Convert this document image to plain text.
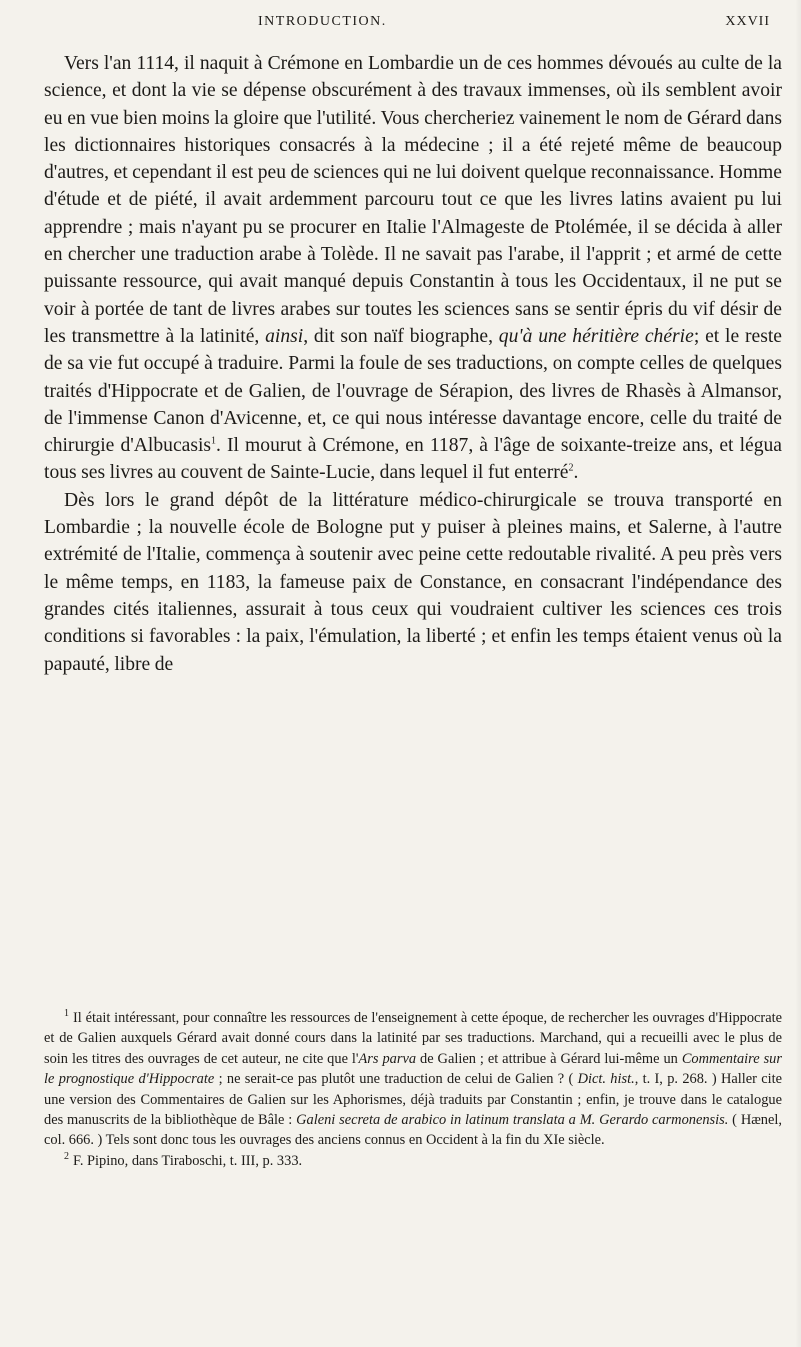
INTRODUCTION.	XXVII

Vers l'an 1114, il naquit à Crémone en Lombardie un de ces hommes dévoués au culte de la science, et dont la vie se dépense obscurément à des travaux immenses, où ils semblent avoir eu en vue bien moins la gloire que l'utilité. Vous chercheriez vainement le nom de Gérard dans les dictionnaires historiques consacrés à la médecine ; il a été rejeté même de beaucoup d'autres, et cependant il est peu de sciences qui ne lui doivent quelque reconnaissance. Homme d'étude et de piété, il avait ardemment parcouru tout ce que les livres latins avaient pu lui apprendre ; mais n'ayant pu se procurer en Italie l'Almageste de Ptolémée, il se décida à aller en chercher une traduction arabe à Tolède. Il ne savait pas l'arabe, il l'apprit ; et armé de cette puissante ressource, qui avait manqué depuis Constantin à tous les Occidentaux, il ne put se voir à portée de tant de livres arabes sur toutes les sciences sans se sentir épris du vif désir de les transmettre à la latinité, ainsi, dit son naïf biographe, qu'à une héritière chérie; et le reste de sa vie fut occupé à traduire. Parmi la foule de ses traductions, on compte celles de quelques traités d'Hippocrate et de Galien, de l'ouvrage de Sérapion, des livres de Rhasès à Almansor, de l'immense Canon d'Avicenne, et, ce qui nous intéresse davantage encore, celle du traité de chirurgie d'Albucasis$^1$. Il mourut à Crémone, en 1187, à l'âge de soixante-treize ans, et légua tous ses livres au couvent de Sainte-Lucie, dans lequel il fut enterré$^2$.

Dès lors le grand dépôt de la littérature médico-chirurgicale se trouva transporté en Lombardie ; la nouvelle école de Bologne put y puiser à pleines mains, et Salerne, à l'autre extrémité de l'Italie, commença à soutenir avec peine cette redoutable rivalité. A peu près vers le même temps, en 1183, la fameuse paix de Constance, en consacrant l'indépendance des grandes cités italiennes, assurait à tous ceux qui voudraient cultiver les sciences ces trois conditions si favorables : la paix, l'émulation, la liberté ; et enfin les temps étaient venus où la papauté, libre de

$^1$ Il était intéressant, pour connaître les ressources de l'enseignement à cette époque, de rechercher les ouvrages d'Hippocrate et de Galien auxquels Gérard avait donné cours dans la latinité par ses traductions. Marchand, qui a recueilli avec le plus de soin les titres des ouvrages de cet auteur, ne cite que l'Ars parva de Galien ; et attribue à Gérard lui-même un Commentaire sur le prognostique d'Hippocrate ; ne serait-ce pas plutôt une traduction de celui de Galien ? ( Dict. hist., t. I, p. 268. ) Haller cite une version des Commentaires de Galien sur les Aphorismes, déjà traduits par Constantin ; enfin, je trouve dans le catalogue des manuscrits de la bibliothèque de Bâle : Galeni secreta de arabico in latinum translata a M. Gerardo carmonensis. ( Hænel, col. 666. ) Tels sont donc tous les ouvrages des anciens connus en Occident à la fin du XIe siècle.

$^2$ F. Pipino, dans Tiraboschi, t. III, p. 333.
